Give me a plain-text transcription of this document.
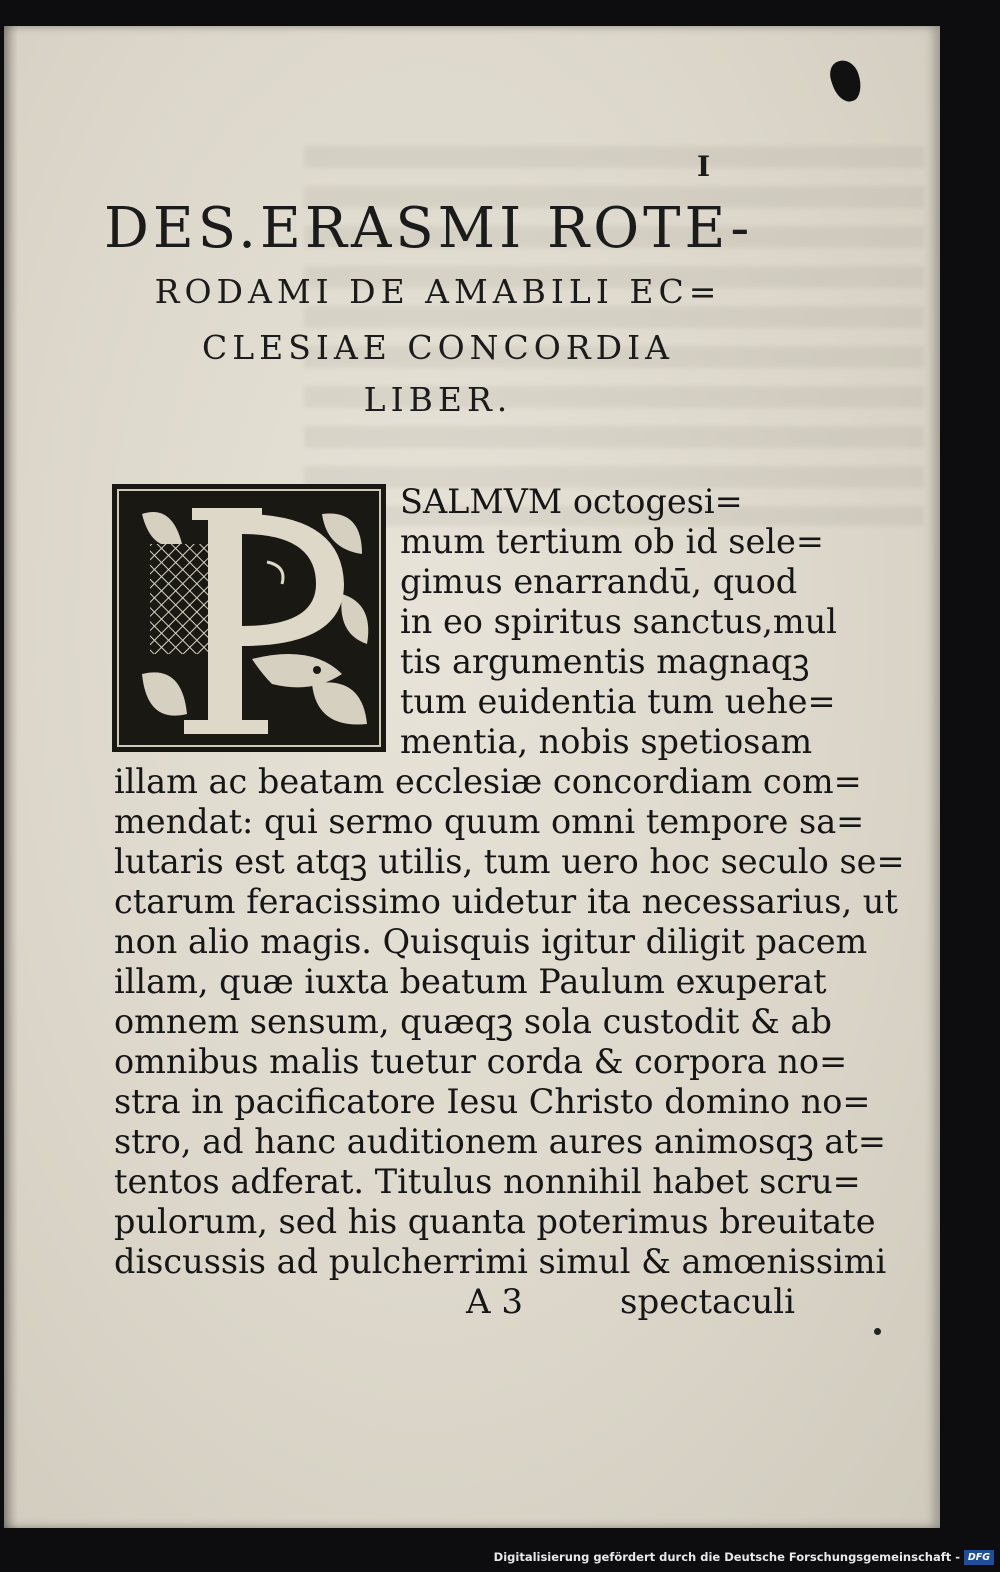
I
DES.ERASMI ROTE-
RODAMI DE AMABILI EC=
CLESIAE CONCORDIA
LIBER.
SALMVM octogesi=
mum tertium ob id sele=
gimus enarrandū, quod
in eo spiritus sanctus,mul
tis argumentis magnaqꝫ
tum euidentia tum uehe=
mentia, nobis spetiosam
illam ac beatam ecclesiæ concordiam com=
mendat: qui sermo quum omni tempore sa=
lutaris est atqꝫ utilis, tum uero hoc seculo se=
ctarum feracissimo uidetur ita necessarius, ut
non alio magis. Quisquis igitur diligit pacem
illam, quæ iuxta beatum Paulum exuperat
omnem sensum, quæqꝫ sola custodit & ab
omnibus malis tuetur corda & corpora no=
stra in pacificatore Iesu Christo domino no=
stro, ad hanc auditionem aures animosqꝫ at=
tentos adferat. Titulus nonnihil habet scru=
pulorum, sed his quanta poterimus breuitate
discussis ad pulcherrimi simul & amœnissimi
A 3	spectaculi
Digitalisierung gefördert durch die Deutsche Forschungsgemeinschaft - DFG
